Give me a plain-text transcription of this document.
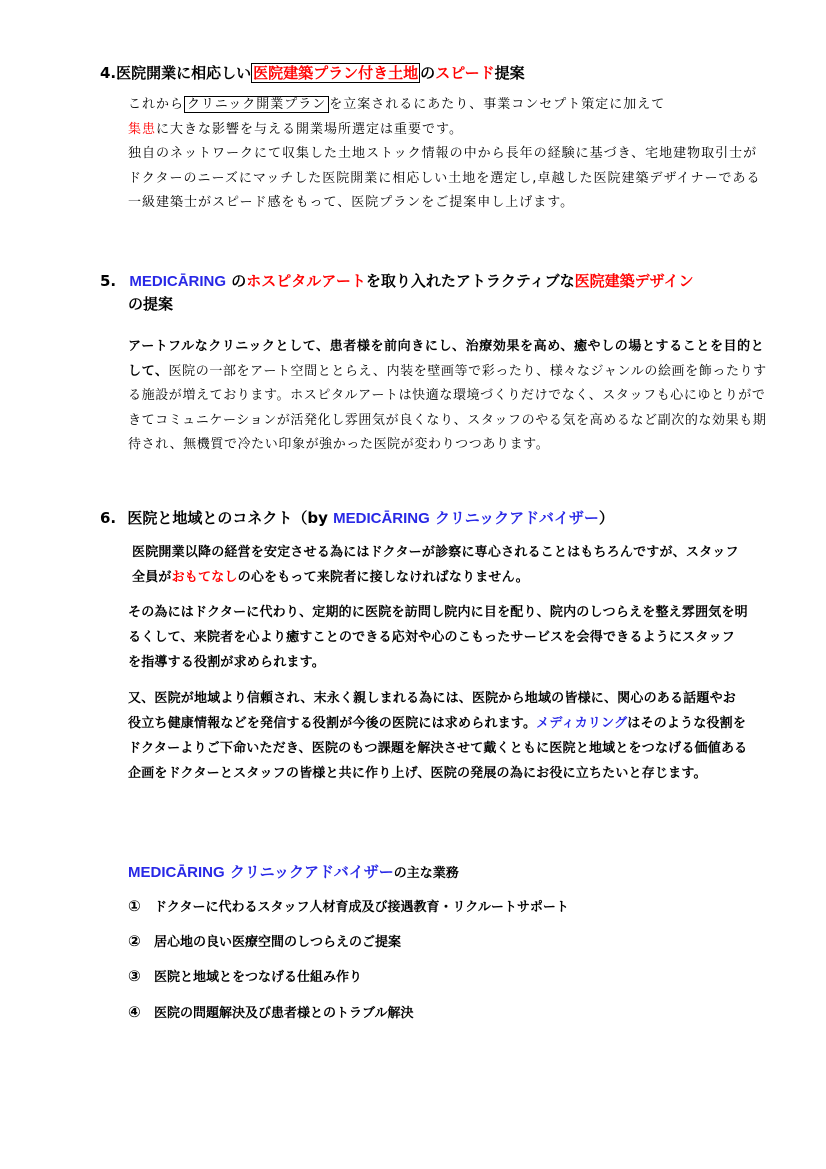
4.医院開業に相応しい 医院建築プラン付き土地 のスピード提案
これから クリニック開業プラン を立案されるにあたり、事業コンセプト策定に加えて
集患に大きな影響を与える開業場所選定は重要です。
独自のネットワークにて収集した土地ストック情報の中から長年の経験に基づき、宅地建物取引士がドクターのニーズにマッチした医院開業に相応しい土地を選定し,卓越した医院建築デザイナーである一級建築士がスピード感をもって、医院プランをご提案申し上げます。
5. MEDICĀRING のホスピタルアートを取り入れたアトラクティブな医院建築デザイン
の提案
アートフルなクリニックとして、患者様を前向きにし、治療効果を高め、癒やしの場とすることを目的として、医院の一部をアート空間ととらえ、内装を壁画等で彩ったり、様々なジャンルの絵画を飾ったりする施設が増えております。ホスピタルアートは快適な環境づくりだけでなく、スタッフも心にゆとりができてコミュニケーションが活発化し雰囲気が良くなり、スタッフのやる気を高めるなど副次的な効果も期待され、無機質で冷たい印象が強かった医院が変わりつつあります。
6. 医院と地域とのコネクト（by MEDICĀRING クリニックアドバイザー）
医院開業以降の経営を安定させる為にはドクターが診察に専心されることはもちろんですが、スタッフ全員がおもてなしの心をもって来院者に接しなければなりません。
その為にはドクターに代わり、定期的に医院を訪問し院内に目を配り、院内のしつらえを整え雰囲気を明るくして、来院者を心より癒すことのできる応対や心のこもったサービスを会得できるようにスタッフを指導する役割が求められます。
又、医院が地域より信頼され、末永く親しまれる為には、医院から地域の皆様に、関心のある話題やお役立ち健康情報などを発信する役割が今後の医院には求められます。メディカリングはそのような役割をドクターよりご下命いただき、医院のもつ課題を解決させて戴くともに医院と地域とをつなげる価値ある企画をドクターとスタッフの皆様と共に作り上げ、医院の発展の為にお役に立ちたいと存じます。
MEDICĀRING クリニックアドバイザーの主な業務
① ドクターに代わるスタッフ人材育成及び接遇教育・リクルートサポート
② 居心地の良い医療空間のしつらえのご提案
③ 医院と地域とをつなげる仕組み作り
④ 医院の問題解決及び患者様とのトラブル解決
